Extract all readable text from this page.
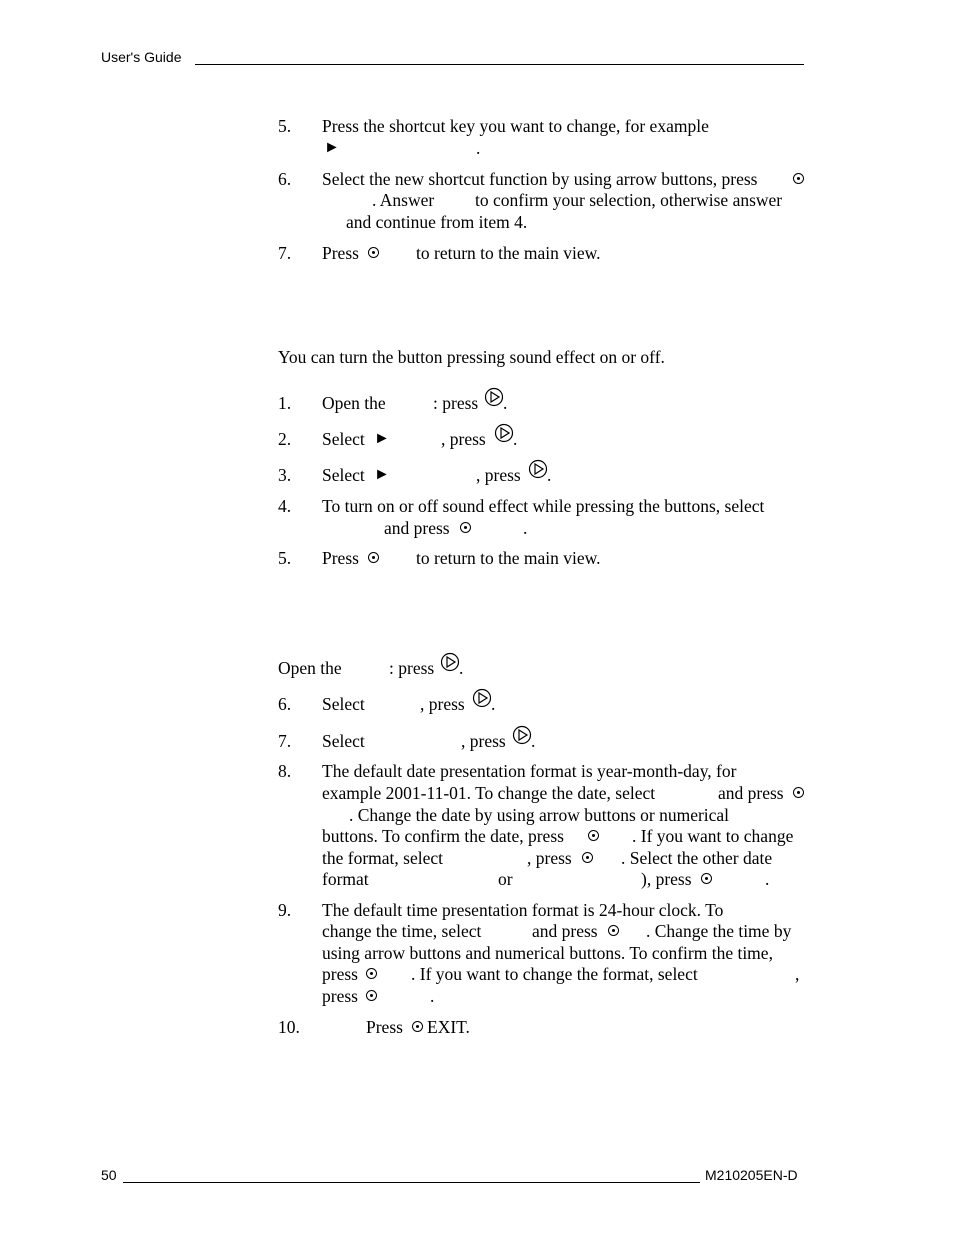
User's Guide
5. Press the shortcut key you want to change, for example
►	.
6. Select the new shortcut function by using arrow buttons, press
. Answer to confirm your selection, otherwise answer
and continue from item 4.
7. Press	to return to the main view.
You can turn the button pressing sound effect on or off.
1. Open the	: press .
2. Select ►	, press .
3. Select ►	, press .
4. To turn on or off sound effect while pressing the buttons, select
and press	.
5. Press	to return to the main view.
Open the	: press .
6. Select	, press .
7. Select	, press .
8. The default date presentation format is year-month-day, for
example 2001-11-01. To change the date, select	and press
. Change the date by using arrow buttons or numerical
buttons. To confirm the date, press	. If you want to change
the format, select	, press	. Select the other date
format	or	), press	.
9. The default time presentation format is 24-hour clock. To
change the time, select	and press	. Change the time by
using arrow buttons and numerical buttons. To confirm the time,
press	. If you want to change the format, select	,
press	.
10.	Press EXIT.
50	M210205EN-D
